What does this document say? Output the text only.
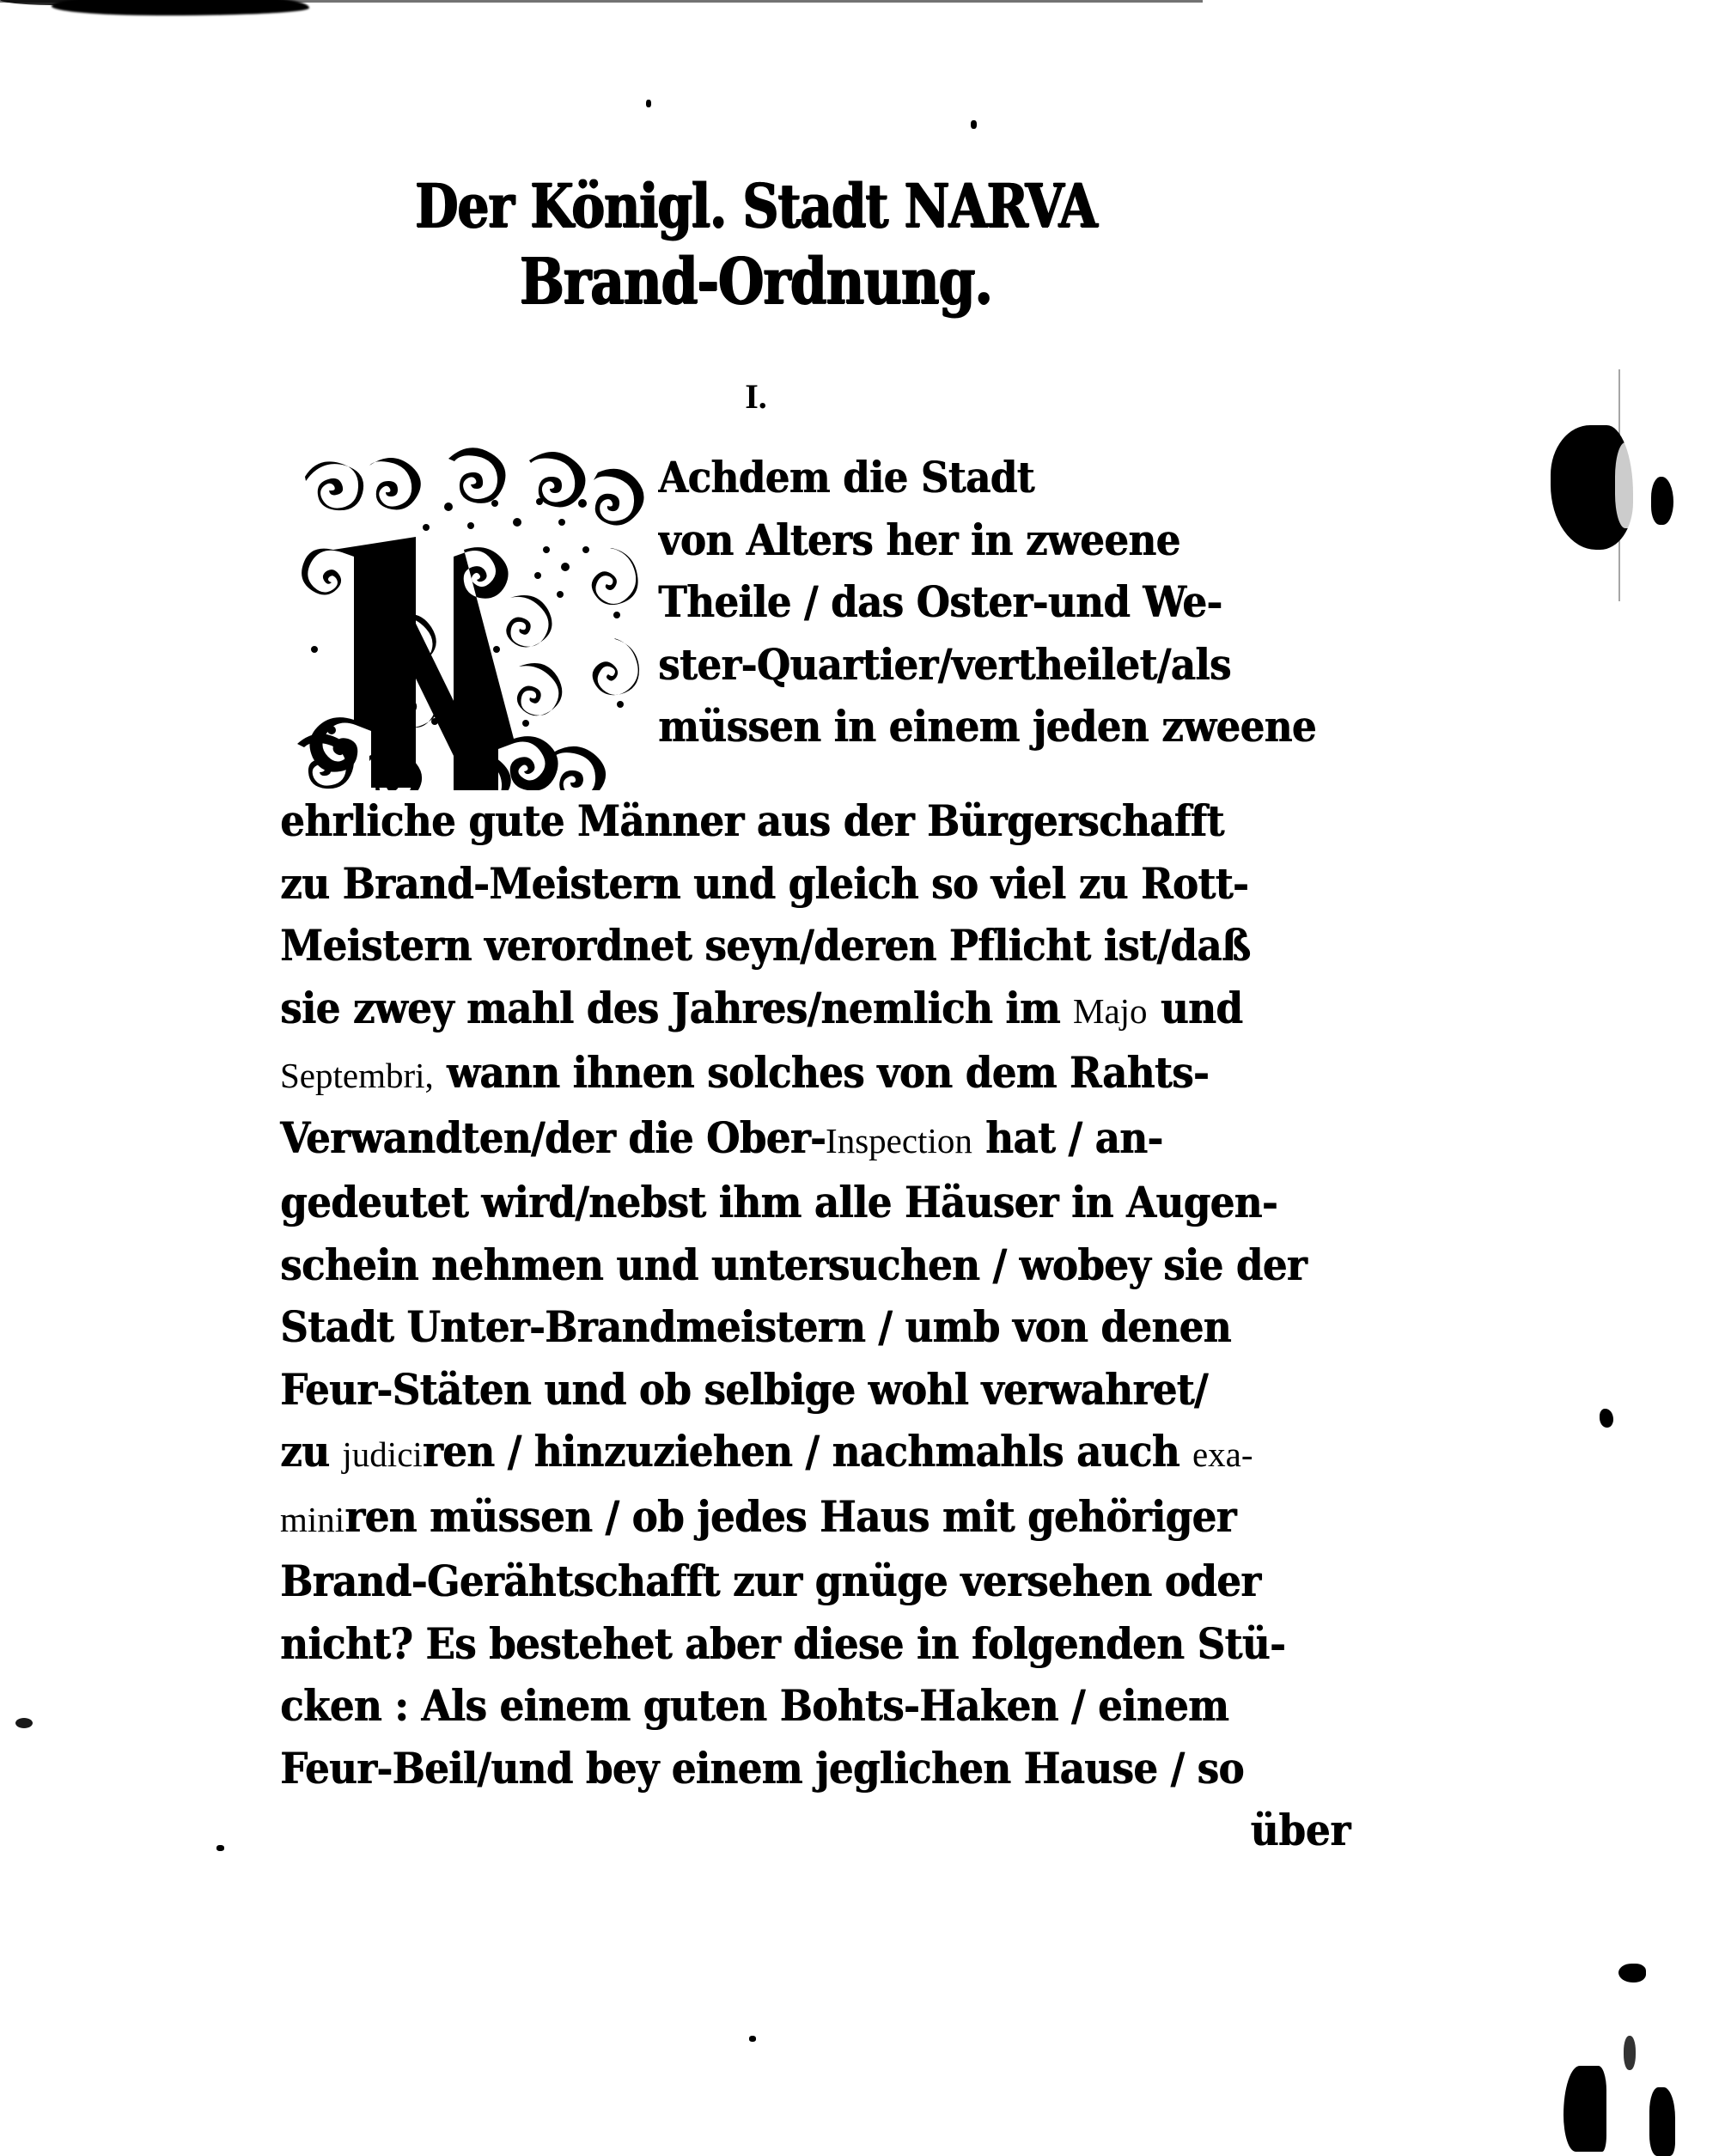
Der Königl. Stadt NARVA
Brand-Ordnung.
I.
Achdem die Stadt
von Alters her in zweene
Theile / das Oster-und We-
ster-Quartier/vertheilet/als
müssen in einem jeden zweene
ehrliche gute Männer aus der Bürgerschafft
zu Brand-Meistern und gleich so viel zu Rott-
Meistern verordnet seyn/deren Pflicht ist/daß
sie zwey mahl des Jahres/nemlich im Majo und
Septembri, wann ihnen solches von dem Rahts-
Verwandten/der die Ober-Inspection hat / an-
gedeutet wird/nebst ihm alle Häuser in Augen-
schein nehmen und untersuchen / wobey sie der
Stadt Unter-Brandmeistern / umb von denen
Feur-Stäten und ob selbige wohl verwahret/
zu judiciren / hinzuziehen / nachmahls auch exa-
miniren müssen / ob jedes Haus mit gehöriger
Brand-Gerähtschafft zur gnüge versehen oder
nicht? Es bestehet aber diese in folgenden Stü-
cken : Als einem guten Bohts-Haken / einem
Feur-Beil/und bey einem jeglichen Hause / so
über
